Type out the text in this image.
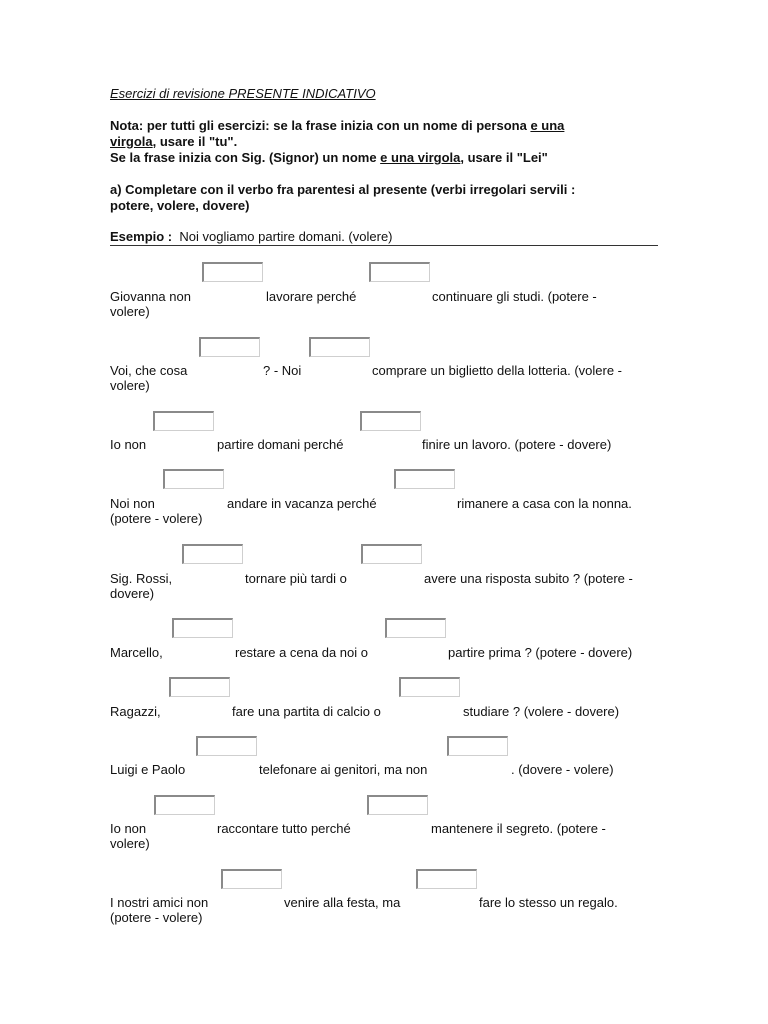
Esercizi di revisione PRESENTE INDICATIVO
Nota: per tutti gli esercizi: se la frase inizia con un nome di persona e una
virgola, usare il "tu".
Se la frase inizia con Sig. (Signor) un nome e una virgola, usare il "Lei"
a) Completare con il verbo fra parentesi al presente (verbi irregolari servili :
potere, volere, dovere)
Esempio : Noi vogliamo partire domani. (volere)
Giovanna non	lavorare perché	continuare gli studi. (potere -
volere)
Voi, che cosa	? - Noi	comprare un biglietto della lotteria. (volere -
volere)
Io non	partire domani perché	finire un lavoro. (potere - dovere)
Noi non	andare in vacanza perché	rimanere a casa con la nonna.
(potere - volere)
Sig. Rossi,	tornare più tardi o	avere una risposta subito ? (potere -
dovere)
Marcello,	restare a cena da noi o	partire prima ? (potere - dovere)
Ragazzi,	fare una partita di calcio o	studiare ? (volere - dovere)
Luigi e Paolo	telefonare ai genitori, ma non	. (dovere - volere)
Io non	raccontare tutto perché	mantenere il segreto. (potere -
volere)
I nostri amici non	venire alla festa, ma	fare lo stesso un regalo.
(potere - volere)
